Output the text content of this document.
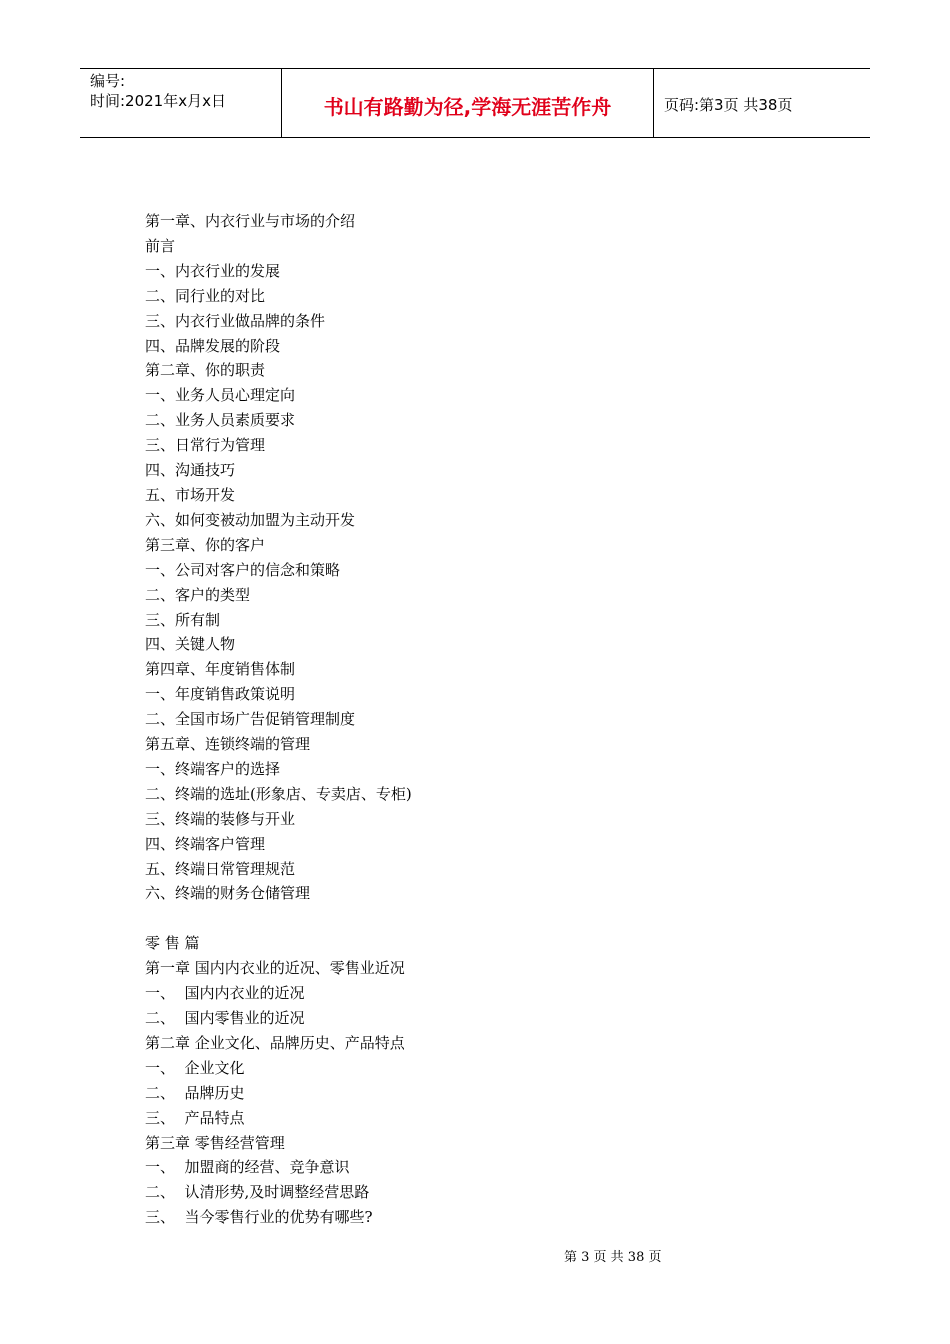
编号:
时间:2021年x月x日	书山有路勤为径,学海无涯苦作舟	页码:第3页 共38页
第一章、内衣行业与市场的介绍
前言
一、内衣行业的发展
二、同行业的对比
三、内衣行业做品牌的条件
四、品牌发展的阶段
第二章、你的职责
一、业务人员心理定向
二、业务人员素质要求
三、日常行为管理
四、沟通技巧
五、市场开发
六、如何变被动加盟为主动开发
第三章、你的客户
一、公司对客户的信念和策略
二、客户的类型
三、所有制
四、关键人物
第四章、年度销售体制
一、年度销售政策说明
二、全国市场广告促销管理制度
第五章、连锁终端的管理
一、终端客户的选择
二、终端的选址(形象店、专卖店、专柜)
三、终端的装修与开业
四、终端客户管理
五、终端日常管理规范
六、终端的财务仓储管理
零 售 篇
第一章 国内内衣业的近况、零售业近况
一、  国内内衣业的近况
二、  国内零售业的近况
第二章 企业文化、品牌历史、产品特点
一、  企业文化
二、  品牌历史
三、  产品特点
第三章 零售经营管理
一、  加盟商的经营、竞争意识
二、  认清形势,及时调整经营思路
三、  当今零售行业的优势有哪些?
第 3 页 共 38 页
